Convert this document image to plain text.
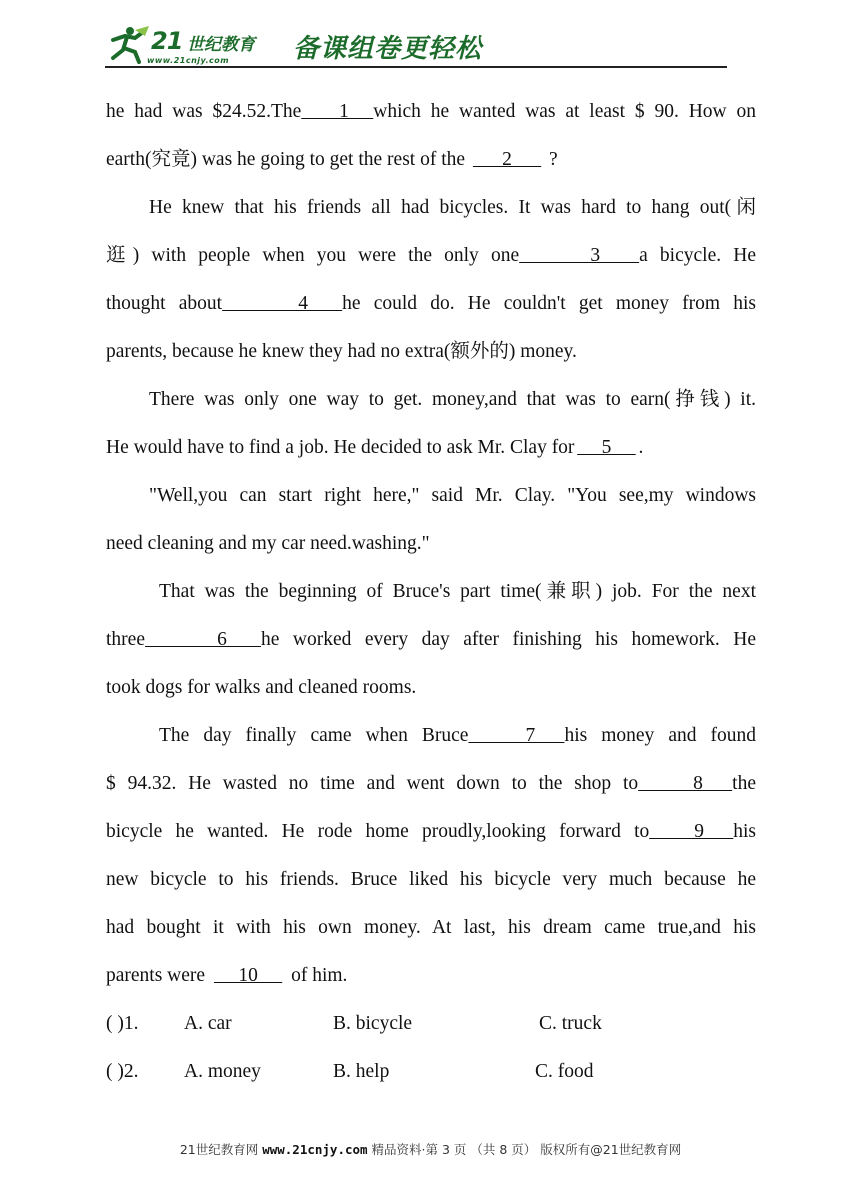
21 世纪教育
www.21cnjy.com 备课组卷更轻松
he had was $24.52.The     1     which he wanted was at least $ 90. How on
earth(究竟) was he going to get the rest of the      2      ?
He knew that his friends all had bicycles. It was hard to hang out(闲
逛) with people when you were the only one       3        a bicycle. He
thought about       4       he could do. He couldn't get money from his
parents, because he knew they had no extra(额外的) money.
There was only one way to get. money,and that was to earn(挣钱) it.
He would have to find a job. He decided to ask Mr. Clay for     5     .
"Well,you can start right here," said Mr. Clay. "You see,my windows
need cleaning and my car need.washing."
That was the beginning of Bruce's part time(兼职) job. For the next
three       6       he worked every day after finishing his homework. He
took dogs for walks and cleaned rooms.
The day finally came when Bruce      7      his money and found
$ 94.32. He wasted no time and went down to the shop to      8      the
bicycle he wanted. He rode home proudly,looking forward to      9      his
new bicycle to his friends. Bruce liked his bicycle very much because he
had bought it with his own money. At last, his dream came true,and his
parents were     10     of him.
( )1. A. car	B. bicycle	C. truck
( )2. A. money	B. help	C. food
21世纪教育网 www.21cnjy.com 精品资料·第 3 页 （共 8 页） 版权所有@21世纪教育网
